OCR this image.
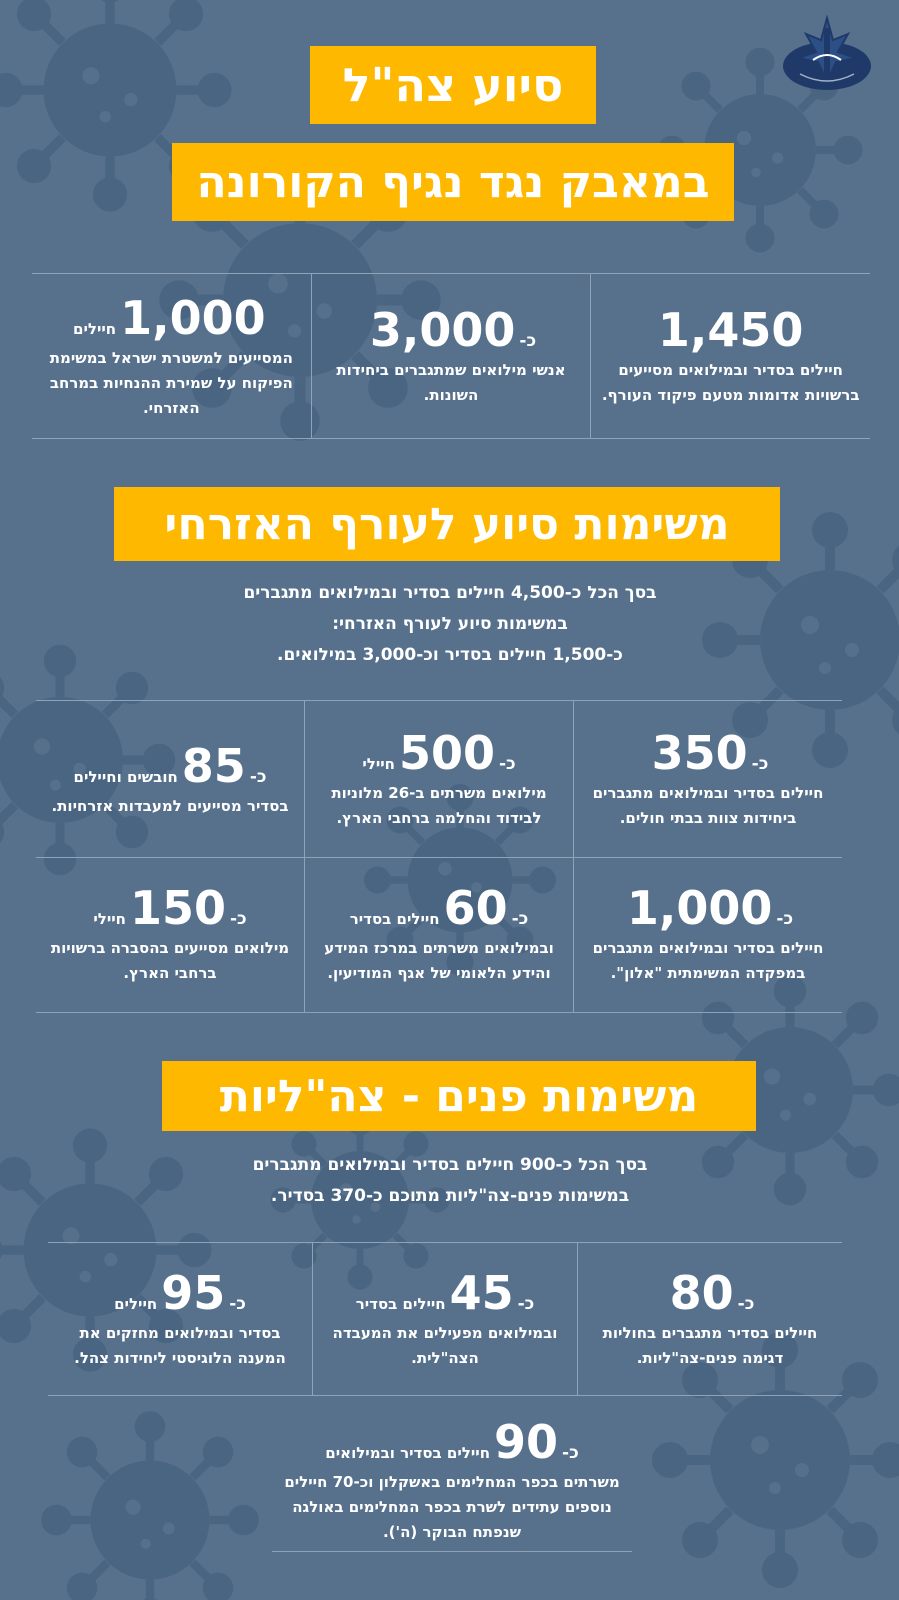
סיוע צה"ל
במאבק נגד נגיף הקורונה
1,450
חיילים בסדיר ובמילואים מסייעים ברשויות אדומות מטעם פיקוד העורף.
כ-
3,000
אנשי מילואים שמתגברים ביחידות השונות.
1,000
חיילים
המסייעים למשטרת ישראל במשימת הפיקוח על שמירת ההנחיות במרחב האזרחי.
משימות סיוע לעורף האזרחי
בסך הכל כ-4,500 חיילים בסדיר ובמילואים מתגברים
במשימות סיוע לעורף האזרחי:
כ-1,500 חיילים בסדיר וכ-3,000 במילואים.
כ-
350
חיילים בסדיר ובמילואים מתגברים ביחידות צוות בבתי חולים.
כ-
500
חיילי
מילואים משרתים ב-26 מלוניות לבידוד והחלמה ברחבי הארץ.
כ-
85
חובשים וחיילים
בסדיר מסייעים למעבדות אזרחיות.
כ-
1,000
חיילים בסדיר ובמילואים מתגברים במפקדה המשימתית "אלון".
כ-
60
חיילים בסדיר
ובמילואים משרתים במרכז המידע והידע הלאומי של אגף המודיעין.
כ-
150
חיילי
מילואים מסייעים בהסברה ברשויות ברחבי הארץ.
משימות פנים - צה"ליות
בסך הכל כ-900 חיילים בסדיר ובמילואים מתגברים
במשימות פנים-צה"ליות מתוכם כ-370 בסדיר.
כ-
80
חיילים בסדיר מתגברים בחוליות דגימה פנים-צה"ליות.
כ-
45
חיילים בסדיר
ובמילואים מפעילים את המעבדה הצה"לית.
כ-
95
חיילים
בסדיר ובמילואים מחזקים את המענה הלוגיסטי ליחידות צהל.
כ-
90
חיילים בסדיר ובמילואים
משרתים בכפר המחלימים באשקלון וכ-70 חיילים נוספים עתידים לשרת בכפר המחלימים באולגה שנפתח הבוקר (ה').
